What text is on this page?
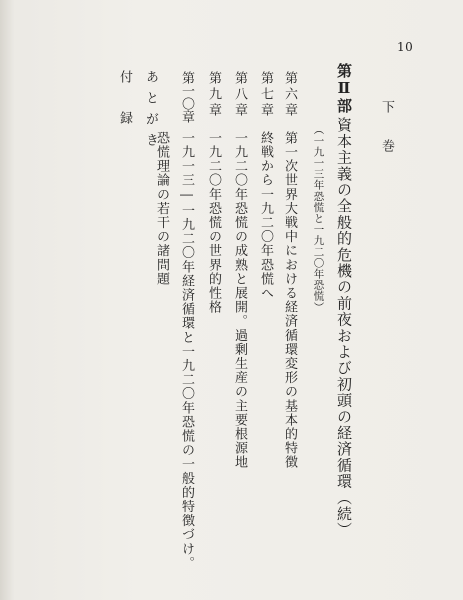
10
下巻
第Ⅱ部
資本主義の全般的危機の前夜および初頭の経済循環（続）
（一九一三年恐慌と一九二〇年恐慌）
第六章
第一次世界大戦中における経済循環変形の基本的特徴
第七章
終戦から一九二〇年恐慌へ
第八章
一九二〇年恐慌の成熟と展開。過剰生産の主要根源地
第九章
一九二〇年恐慌の世界的性格
第一〇章
一九一三―一九二〇年経済循環と一九二〇年恐慌の一般的特徴づけ。
恐慌理論の若干の諸問題
あとがき
付録
